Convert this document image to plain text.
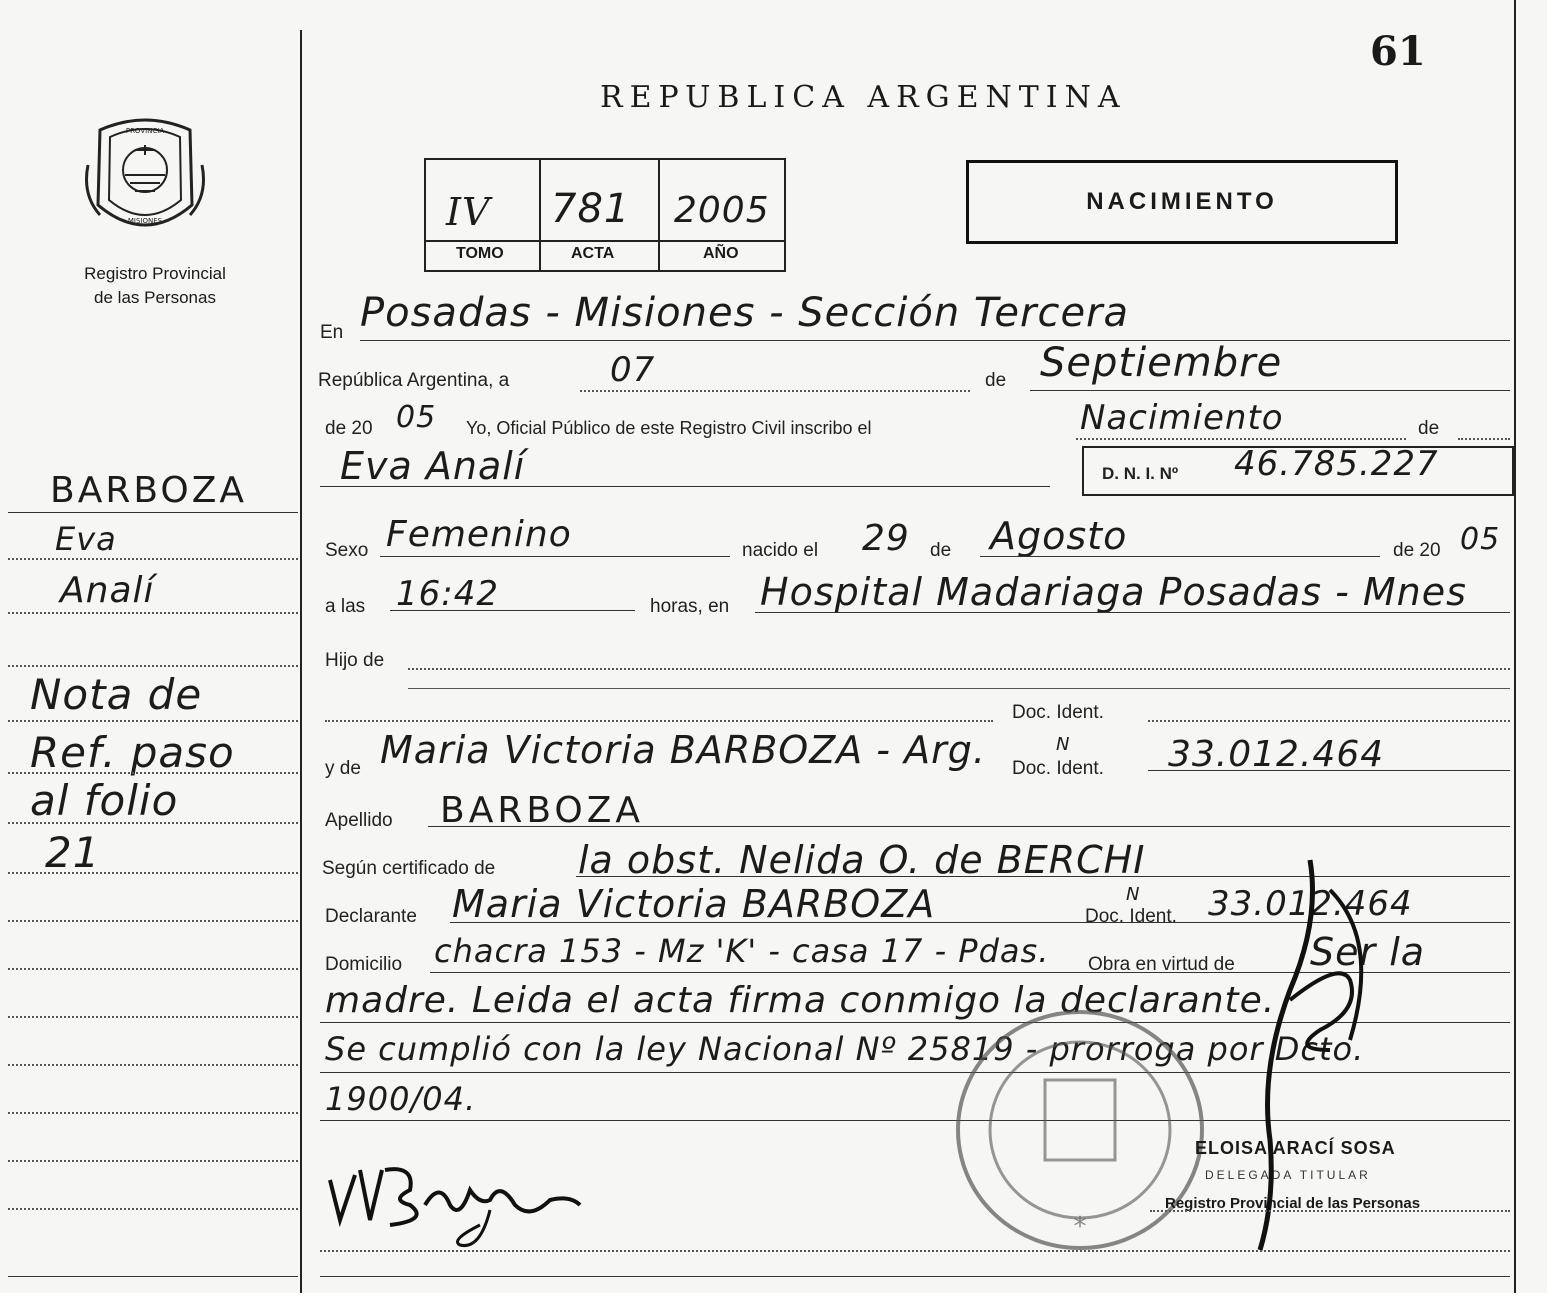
61
PROVINCIA
MISIONES
Registro Provincial
de las Personas
REPUBLICA ARGENTINA
IV 781 2005
TOMO	ACTA	AÑO
NACIMIENTO
BARBOZA
Eva
Analí
Nota de
Ref. paso
al folio
21
En Posadas - Misiones - Sección Tercera
República Argentina, a	07	de Septiembre
de 20 05 Yo, Oficial Público de este Registro Civil inscribo el	Nacimiento	de
Eva Analí	D. N. I. Nº 46.785.227
Sexo Femenino	nacido el 29 de Agosto	de 20 05
a las 16:42	horas, en Hospital Madariaga Posadas - Mnes
Hijo de
Doc. Ident.
y de Maria Victoria BARBOZA - Arg. Doc. Ident.
N	33.012.464
Apellido BARBOZA
Según certificado de la obst. Nelida O. de BERCHI
Declarante Maria Victoria BARBOZA	Doc. Ident.
N 33.012.464
Domicilio chacra 153 - Mz 'K' - casa 17 - Pdas. Obra en virtud de Ser la
madre. Leida el acta firma conmigo la declarante.
Se cumplió con la ley Nacional Nº 25819 - prorroga por Dcto.
1900/04.
*
ELOISA ARACÍ SOSA
DELEGADA TITULAR
Registro Provincial de las Personas
